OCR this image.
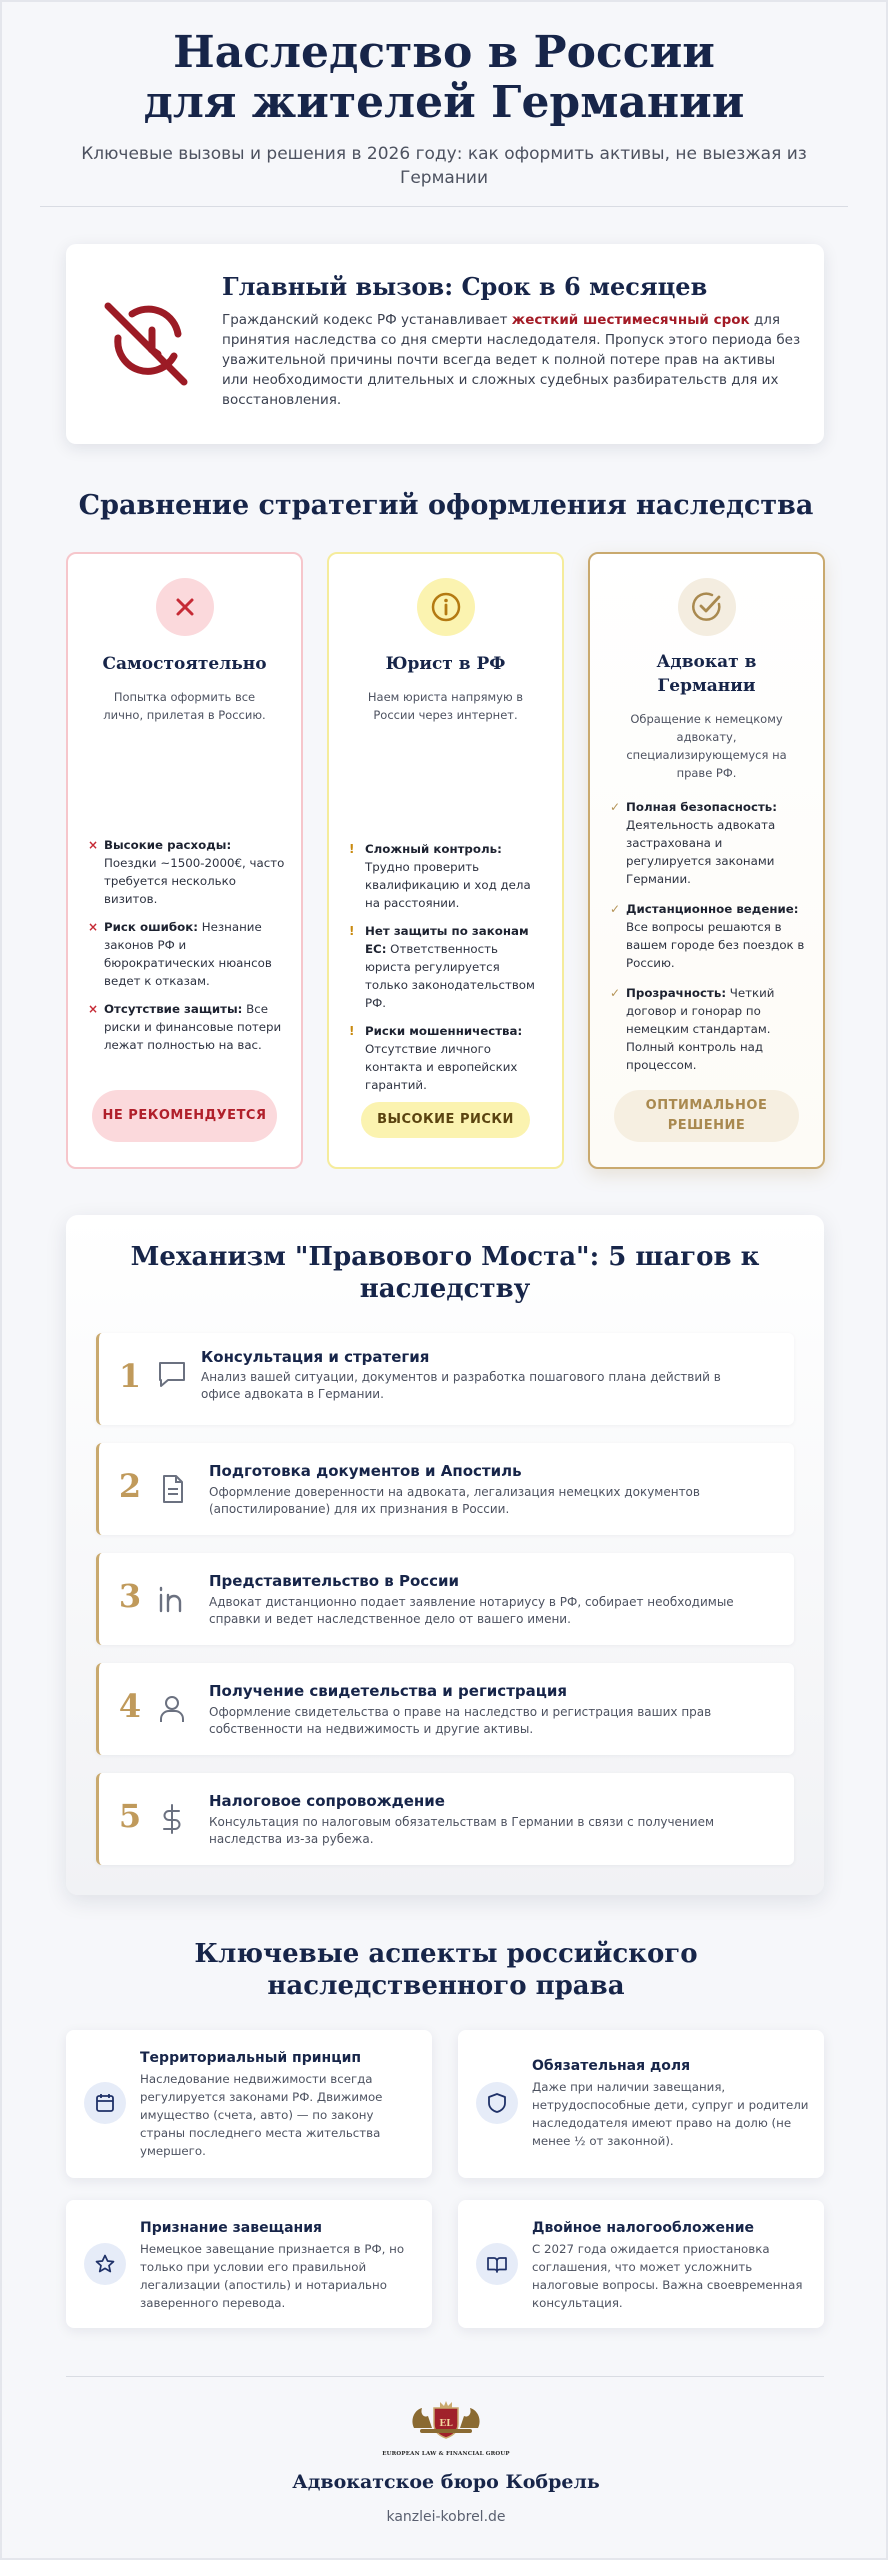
Наследство в России для жителей Германии

Ключевые вызовы и решения в 2026 году: как оформить активы, не выезжая из Германии

Главный вызов: Срок в 6 месяцев

Гражданский кодекс РФ устанавливает жесткий шестимесячный срок для принятия наследства со дня смерти наследодателя. Пропуск этого периода без уважительной причины почти всегда ведет к полной потере прав на активы или необходимости длительных и сложных судебных разбирательств для их восстановления.

Сравнение стратегий оформления наследства
Самостоятельно
Попытка оформить все лично, прилетая в Россию.
× Высокие расходы: Поездки ~1500-2000€, часто требуется несколько визитов.
× Риск ошибок: Незнание законов РФ и бюрократических нюансов ведет к отказам.
× Отсутствие защиты: Все риски и финансовые потери лежат полностью на вас.
НЕ РЕКОМЕНДУЕТСЯ
Юрист в РФ
Наем юриста напрямую в России через интернет.
! Сложный контроль: Трудно проверить квалификацию и ход дела на расстоянии.
! Нет защиты по законам ЕС: Ответственность юриста регулируется только законодательством РФ.
! Риски мошенничества: Отсутствие личного контакта и европейских гарантий.
ВЫСОКИЕ РИСКИ
Адвокат в Германии
Обращение к немецкому адвокату, специализирующемуся на праве РФ.
✓ Полная безопасность: Деятельность адвоката застрахована и регулируется законами Германии.
✓ Дистанционное ведение: Все вопросы решаются в вашем городе без поездок в Россию.
✓ Прозрачность: Четкий договор и гонорар по немецким стандартам. Полный контроль над процессом.
ОПТИМАЛЬНОЕ РЕШЕНИЕ
Механизм "Правового Моста": 5 шагов к наследству
1	Консультация и стратегия
Анализ вашей ситуации, документов и разработка пошагового плана действий в офисе адвоката в Германии.
2	Подготовка документов и Апостиль
Оформление доверенности на адвоката, легализация немецких документов (апостилирование) для их признания в России.
3	Представительство в России
Адвокат дистанционно подает заявление нотариусу в РФ, собирает необходимые справки и ведет наследственное дело от вашего имени.
4	Получение свидетельства и регистрация
Оформление свидетельства о праве на наследство и регистрация ваших прав собственности на недвижимость и другие активы.
5	Налоговое сопровождение
Консультация по налоговым обязательствам в Германии в связи с получением наследства из-за рубежа.
Ключевые аспекты российского наследственного права
Территориальный принцип
Наследование недвижимости всегда регулируется законами РФ. Движимое имущество (счета, авто) — по закону страны последнего места жительства умершего.
Обязательная доля
Даже при наличии завещания, нетрудоспособные дети, супруг и родители наследодателя имеют право на долю (не менее ½ от законной).
Признание завещания
Немецкое завещание признается в РФ, но только при условии его правильной легализации (апостиль) и нотариально заверенного перевода.
Двойное налогообложение
С 2027 года ожидается приостановка соглашения, что может усложнить налоговые вопросы. Важна своевременная консультация.
EL
EUROPEAN LAW & FINANCIAL GROUP
Адвокатское бюро Кобрель
kanzlei-kobrel.de
